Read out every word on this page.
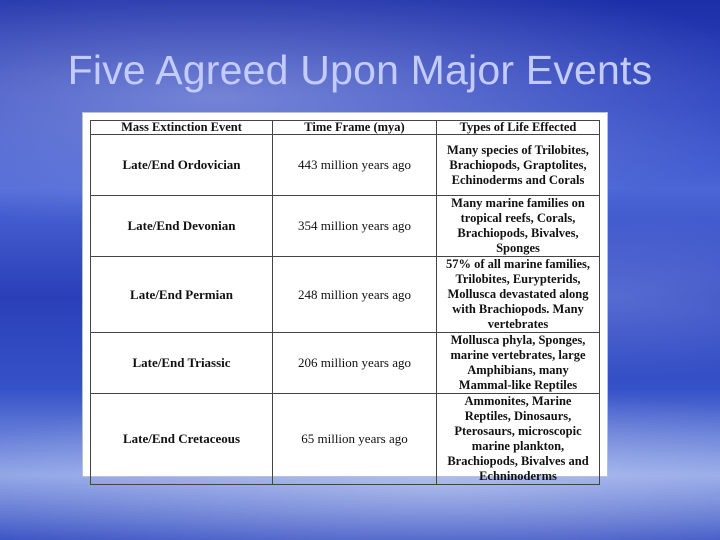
Five Agreed Upon Major Events
Mass Extinction Event	Time Frame (mya)	Types of Life Effected
Late/End Ordovician	443 million years ago	Many species of Trilobites, Brachiopods, Graptolites, Echinoderms and Corals
Late/End Devonian	354 million years ago	Many marine families on tropical reefs, Corals, Brachiopods, Bivalves, Sponges
Late/End Permian	248 million years ago	57% of all marine families, Trilobites, Eurypterids, Mollusca devastated along with Brachiopods. Many vertebrates
Late/End Triassic	206 million years ago	Mollusca phyla, Sponges, marine vertebrates, large Amphibians, many Mammal-like Reptiles
Late/End Cretaceous	65 million years ago	Ammonites, Marine Reptiles, Dinosaurs, Pterosaurs, microscopic marine plankton, Brachiopods, Bivalves and Echninoderms
